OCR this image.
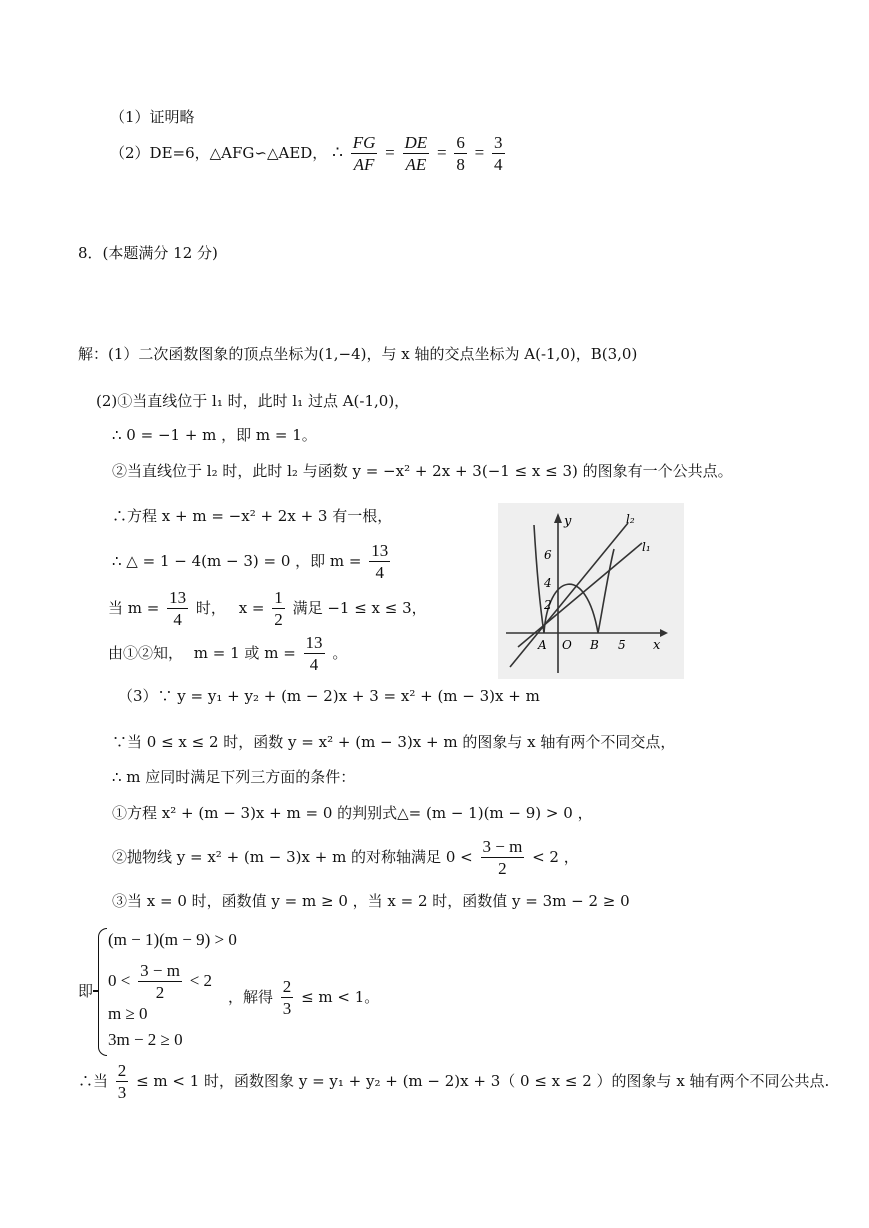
（1）证明略
（2）DE=6，△AFG∽△AED， ∴ $\frac{FG}{AF} = \frac{DE}{AE} = \frac{6}{8} = \frac{3}{4}$
8．(本题满分 12 分)
解：(1）二次函数图象的顶点坐标为(1,−4)，与 x 轴的交点坐标为 A(-1,0)，B(3,0)
(2)①当直线位于 l₁ 时，此时 l₁ 过点 A(-1,0)，
∴ 0 = −1 + m ，即 m = 1。
②当直线位于 l₂ 时，此时 l₂ 与函数 y = −x² + 2x + 3(−1 ≤ x ≤ 3) 的图象有一个公共点。
∴方程 x + m = −x² + 2x + 3 有一根，
∴ △ = 1 − 4(m − 3) = 0 ，即 $m = \frac{13}{4}$
当 $m = \frac{13}{4}$ 时， $x = \frac{1}{2}$ 满足 −1 ≤ x ≤ 3，
由①②知， m = 1 或 $m = \frac{13}{4}$ 。
y
x
l₂
l₁
6
4
2
A O B 5
（3）∵ y = y₁ + y₂ + (m − 2)x + 3 = x² + (m − 3)x + m
∵当 0 ≤ x ≤ 2 时，函数 y = x² + (m − 3)x + m 的图象与 x 轴有两个不同交点，
∴ m 应同时满足下列三方面的条件：
①方程 x² + (m − 3)x + m = 0 的判别式△= (m − 1)(m − 9) > 0 ，
②抛物线 y = x² + (m − 3)x + m 的对称轴满足 $0 < \frac{3 - m}{2} < 2$ ，
③当 x = 0 时，函数值 y = m ≥ 0 ，当 x = 2 时，函数值 y = 3m − 2 ≥ 0
即
(m − 1)(m − 9) > 0
$0 < \frac{3 - m}{2} < 2$
m ≥ 0
3m − 2 ≥ 0
，解得 $\frac{2}{3} \le m < 1$。
∴当 $\frac{2}{3} \le m < 1$ 时，函数图象 y = y₁ + y₂ + (m − 2)x + 3（ 0 ≤ x ≤ 2 ）的图象与 x 轴有两个不同公共点.
